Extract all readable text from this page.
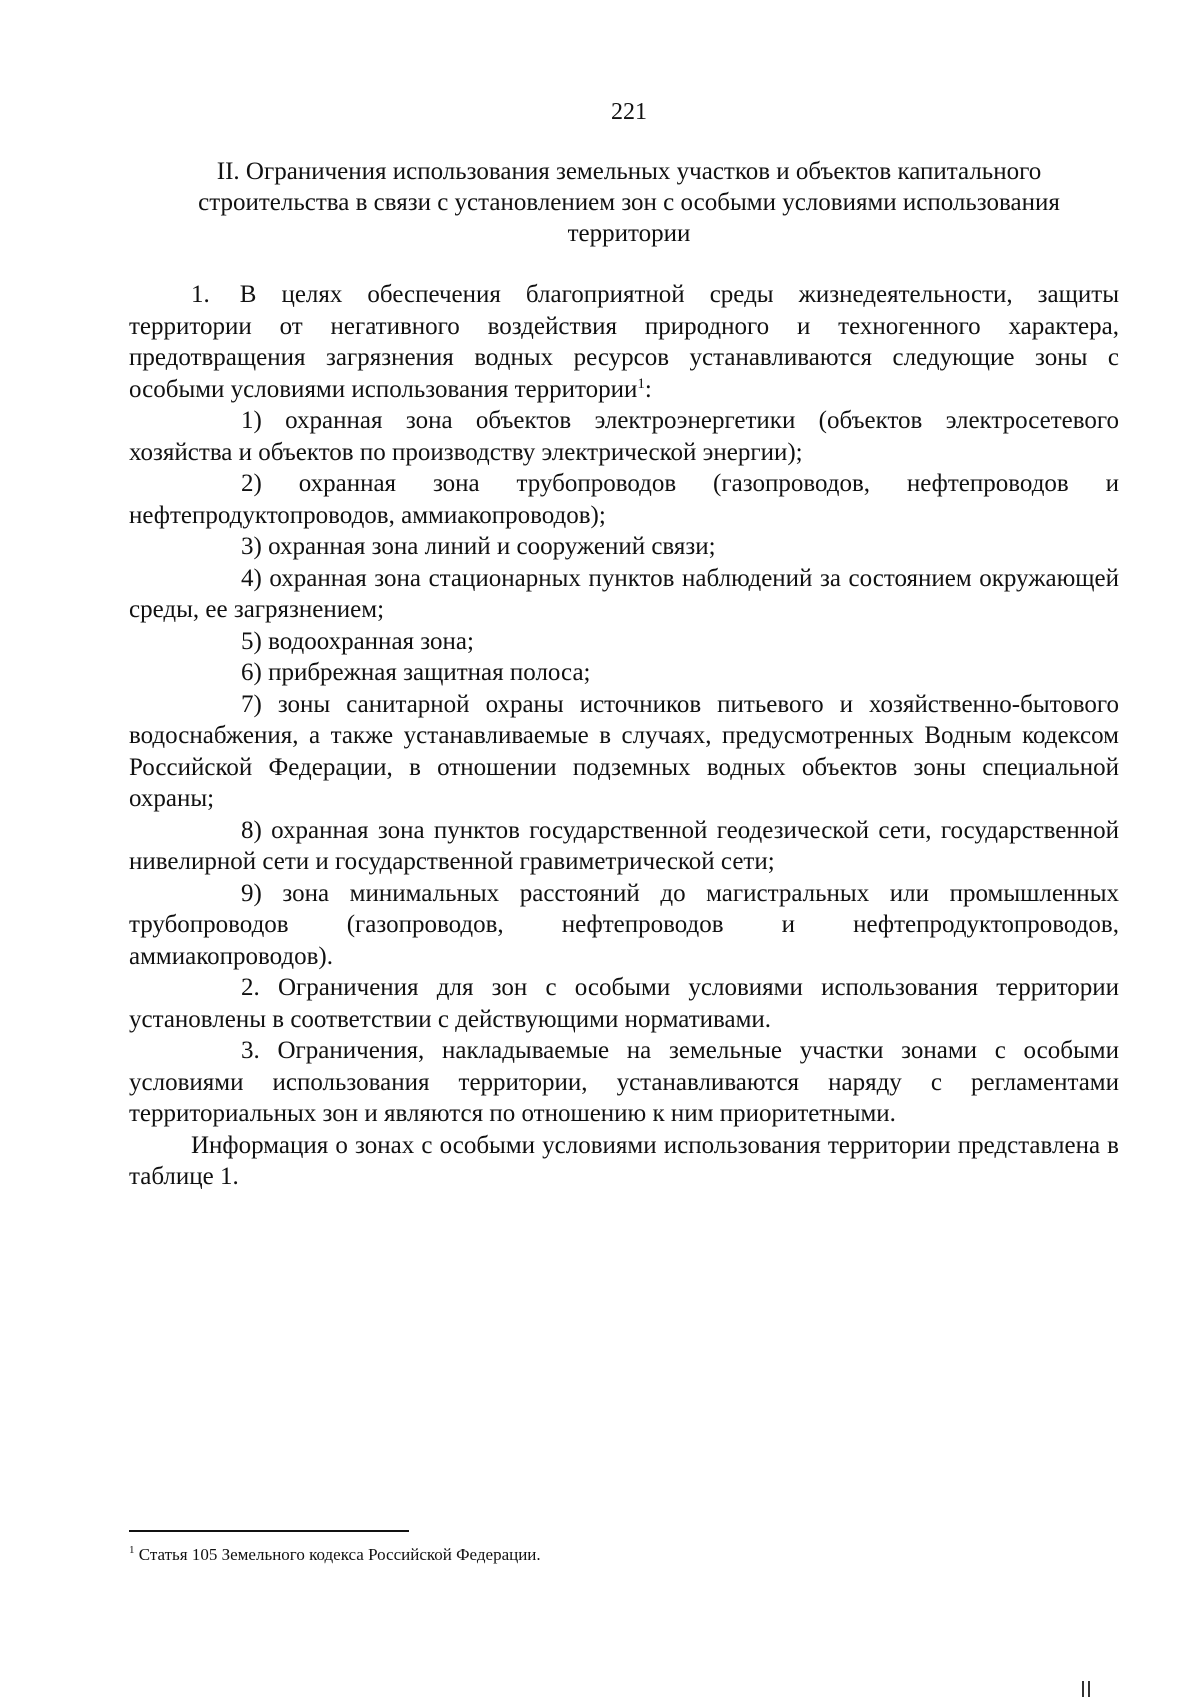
221
II. Ограничения использования земельных участков и объектов капитального
строительства в связи с установлением зон с особыми условиями использования
территории

1. В целях обеспечения благоприятной среды жизнедеятельности, защиты территории от негативного воздействия природного и техногенного характера, предотвращения загрязнения водных ресурсов устанавливаются следующие зоны с особыми условиями использования территории$^1$:

1) охранная зона объектов электроэнергетики (объектов электросетевого хозяйства и объектов по производству электрической энергии);

2) охранная зона трубопроводов (газопроводов, нефтепроводов и нефтепродуктопроводов, аммиакопроводов);

3) охранная зона линий и сооружений связи;

4) охранная зона стационарных пунктов наблюдений за состоянием окружающей среды, ее загрязнением;

5) водоохранная зона;

6) прибрежная защитная полоса;

7) зоны санитарной охраны источников питьевого и хозяйственно-бытового водоснабжения, а также устанавливаемые в случаях, предусмотренных Водным кодексом Российской Федерации, в отношении подземных водных объектов зоны специальной охраны;

8) охранная зона пунктов государственной геодезической сети, государственной нивелирной сети и государственной гравиметрической сети;

9) зона минимальных расстояний до магистральных или промышленных трубопроводов (газопроводов, нефтепроводов и нефтепродуктопроводов, аммиакопроводов).

2. Ограничения для зон с особыми условиями использования территории установлены в соответствии с действующими нормативами.

3. Ограничения, накладываемые на земельные участки зонами с особыми условиями использования территории, устанавливаются наряду с регламентами территориальных зон и являются по отношению к ним приоритетными.

Информация о зонах с особыми условиями использования территории представлена в таблице 1.

$^1$ Статья 105 Земельного кодекса Российской Федерации.
